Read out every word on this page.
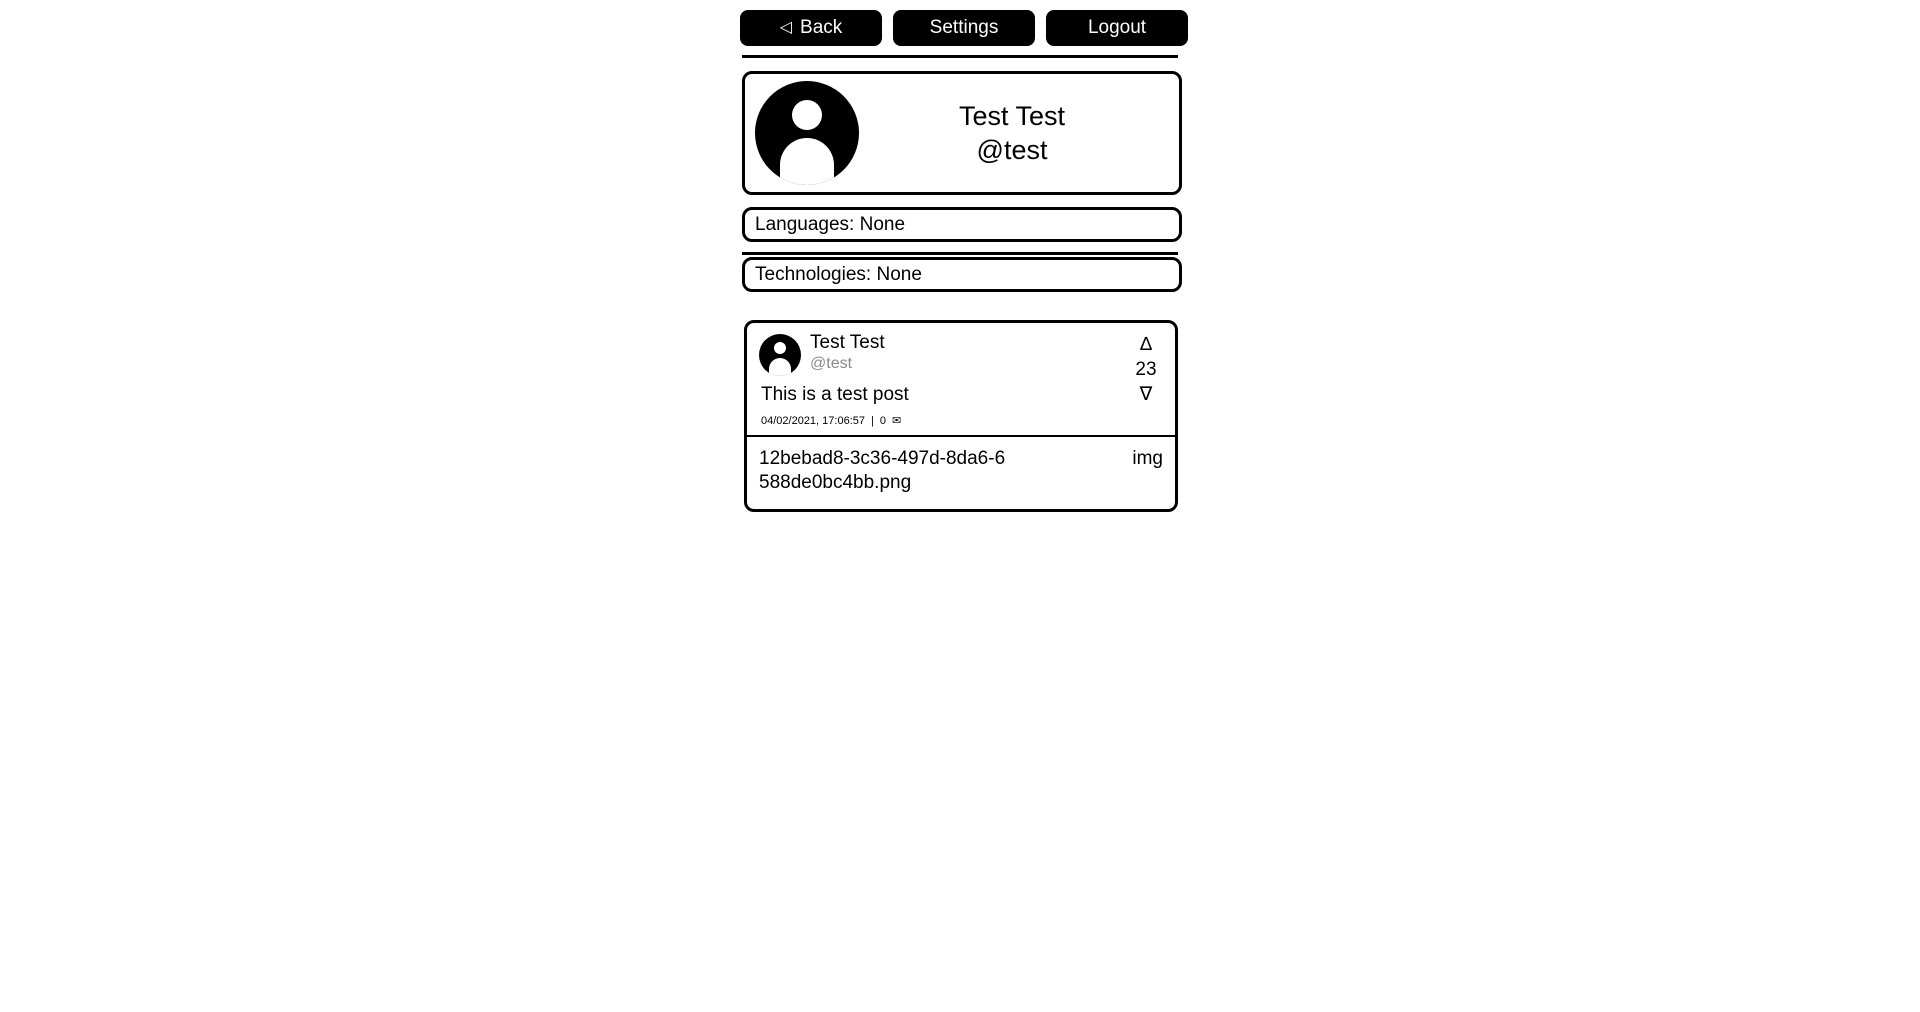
◁ Back	Settings	Logout
Test Test
@test
Languages: None
Technologies: None
Test Test
@test
This is a test post
04/02/2021, 17:06:57 | 0 ✉
∆
23
∇
12bebad8-3c36-497d-8da6-6588de0bc4bb.png
img
